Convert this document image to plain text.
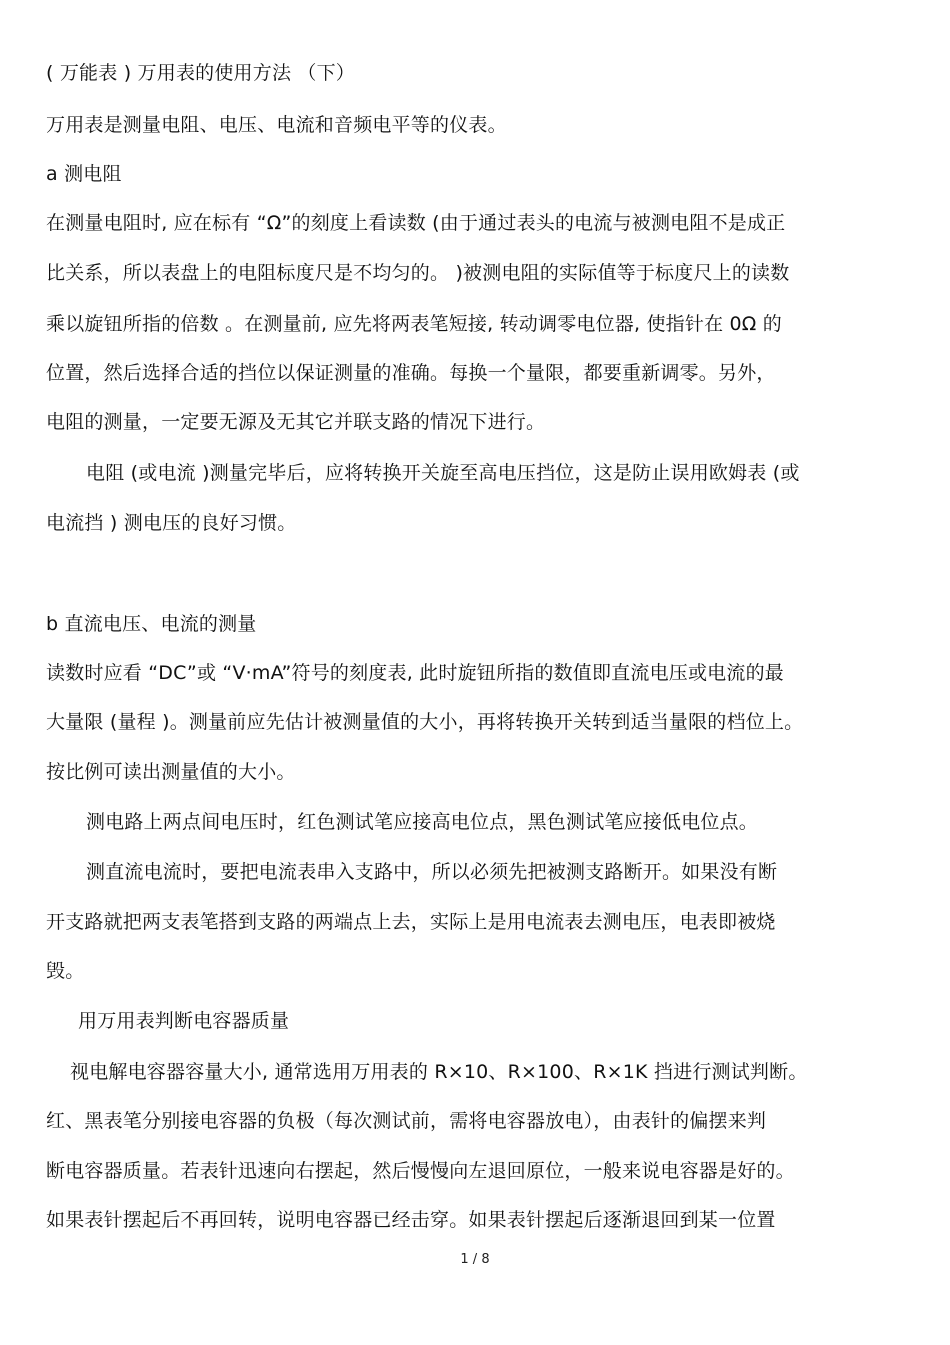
( 万能表 ) 万用表的使用方法 （下）
万用表是测量电阻、电压、电流和音频电平等的仪表。
a 测电阻
在测量电阻时, 应在标有 “Ω”的刻度上看读数 (由于通过表头的电流与被测电阻不是成正
比关系，所以表盘上的电阻标度尺是不均匀的。 )被测电阻的实际值等于标度尺上的读数
乘以旋钮所指的倍数 。在测量前, 应先将两表笔短接, 转动调零电位器, 使指针在 0Ω 的
位置，然后选择合适的挡位以保证测量的准确。每换一个量限，都要重新调零。另外，
电阻的测量，一定要无源及无其它并联支路的情况下进行。
电阻 (或电流 )测量完毕后，应将转换开关旋至高电压挡位，这是防止误用欧姆表 (或
电流挡 ) 测电压的良好习惯。
b 直流电压、电流的测量
读数时应看 “DC”或 “V·mA”符号的刻度表, 此时旋钮所指的数值即直流电压或电流的最
大量限 (量程 )。测量前应先估计被测量值的大小，再将转换开关转到适当量限的档位上。
按比例可读出测量值的大小。
测电路上两点间电压时，红色测试笔应接高电位点，黑色测试笔应接低电位点。
测直流电流时，要把电流表串入支路中，所以必须先把被测支路断开。如果没有断
开支路就把两支表笔搭到支路的两端点上去，实际上是用电流表去测电压，电表即被烧
毁。
用万用表判断电容器质量
视电解电容器容量大小, 通常选用万用表的 R×10、R×100、R×1K 挡进行测试判断。
红、黑表笔分别接电容器的负极（每次测试前，需将电容器放电），由表针的偏摆来判
断电容器质量。若表针迅速向右摆起，然后慢慢向左退回原位，一般来说电容器是好的。
如果表针摆起后不再回转，说明电容器已经击穿。如果表针摆起后逐渐退回到某一位置
1 / 8
